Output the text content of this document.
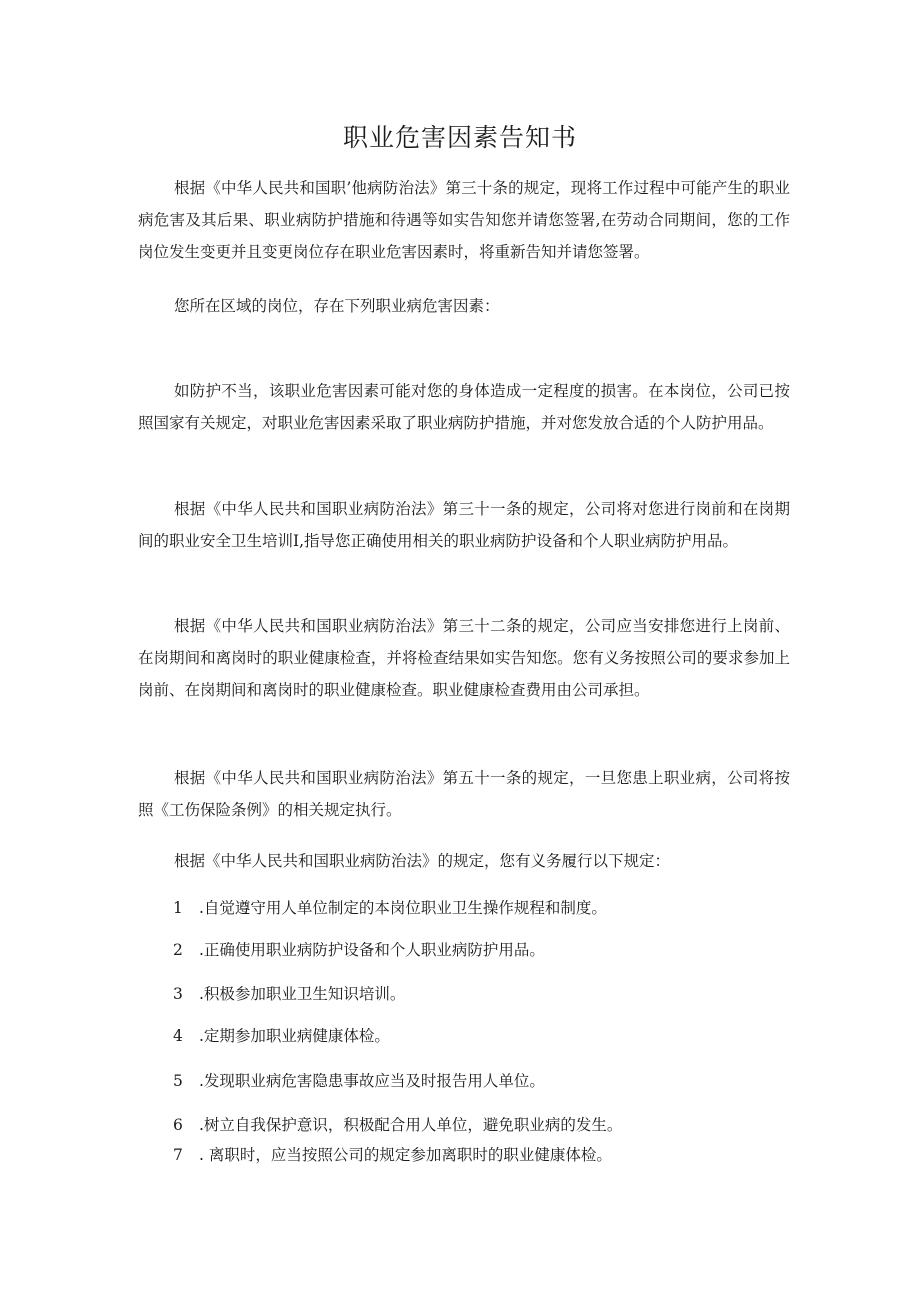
职业危害因素告知书

根据《中华人民共和国职’他病防治法》第三十条的规定，现将工作过程中可能产生的职业病危害及其后果、职业病防护措施和待遇等如实告知您并请您签署,在劳动合同期间，您的工作岗位发生变更并且变更岗位存在职业危害因素时，将重新告知并请您签署。

您所在区域的岗位，存在下列职业病危害因素：

如防护不当，该职业危害因素可能对您的身体造成一定程度的损害。在本岗位，公司已按照国家有关规定，对职业危害因素采取了职业病防护措施，并对您发放合适的个人防护用品。

根据《中华人民共和国职业病防治法》第三十一条的规定，公司将对您进行岗前和在岗期间的职业安全卫生培训I,指导您正确使用相关的职业病防护设备和个人职业病防护用品。

根据《中华人民共和国职业病防治法》第三十二条的规定，公司应当安排您进行上岗前、在岗期间和离岗时的职业健康检查，并将检查结果如实告知您。您有义务按照公司的要求参加上岗前、在岗期间和离岗时的职业健康检查。职业健康检查费用由公司承担。

根据《中华人民共和国职业病防治法》第五十一条的规定，一旦您患上职业病，公司将按照《工伤保险条例》的相关规定执行。

根据《中华人民共和国职业病防治法》的规定，您有义务履行以下规定：

1 .自觉遵守用人单位制定的本岗位职业卫生操作规程和制度。

2 .正确使用职业病防护设备和个人职业病防护用品。

3 .积极参加职业卫生知识培训。

4 .定期参加职业病健康体检。

5 .发现职业病危害隐患事故应当及时报告用人单位。

6 .树立自我保护意识，积极配合用人单位，避免职业病的发生。

7 . 离职时，应当按照公司的规定参加离职时的职业健康体检。
